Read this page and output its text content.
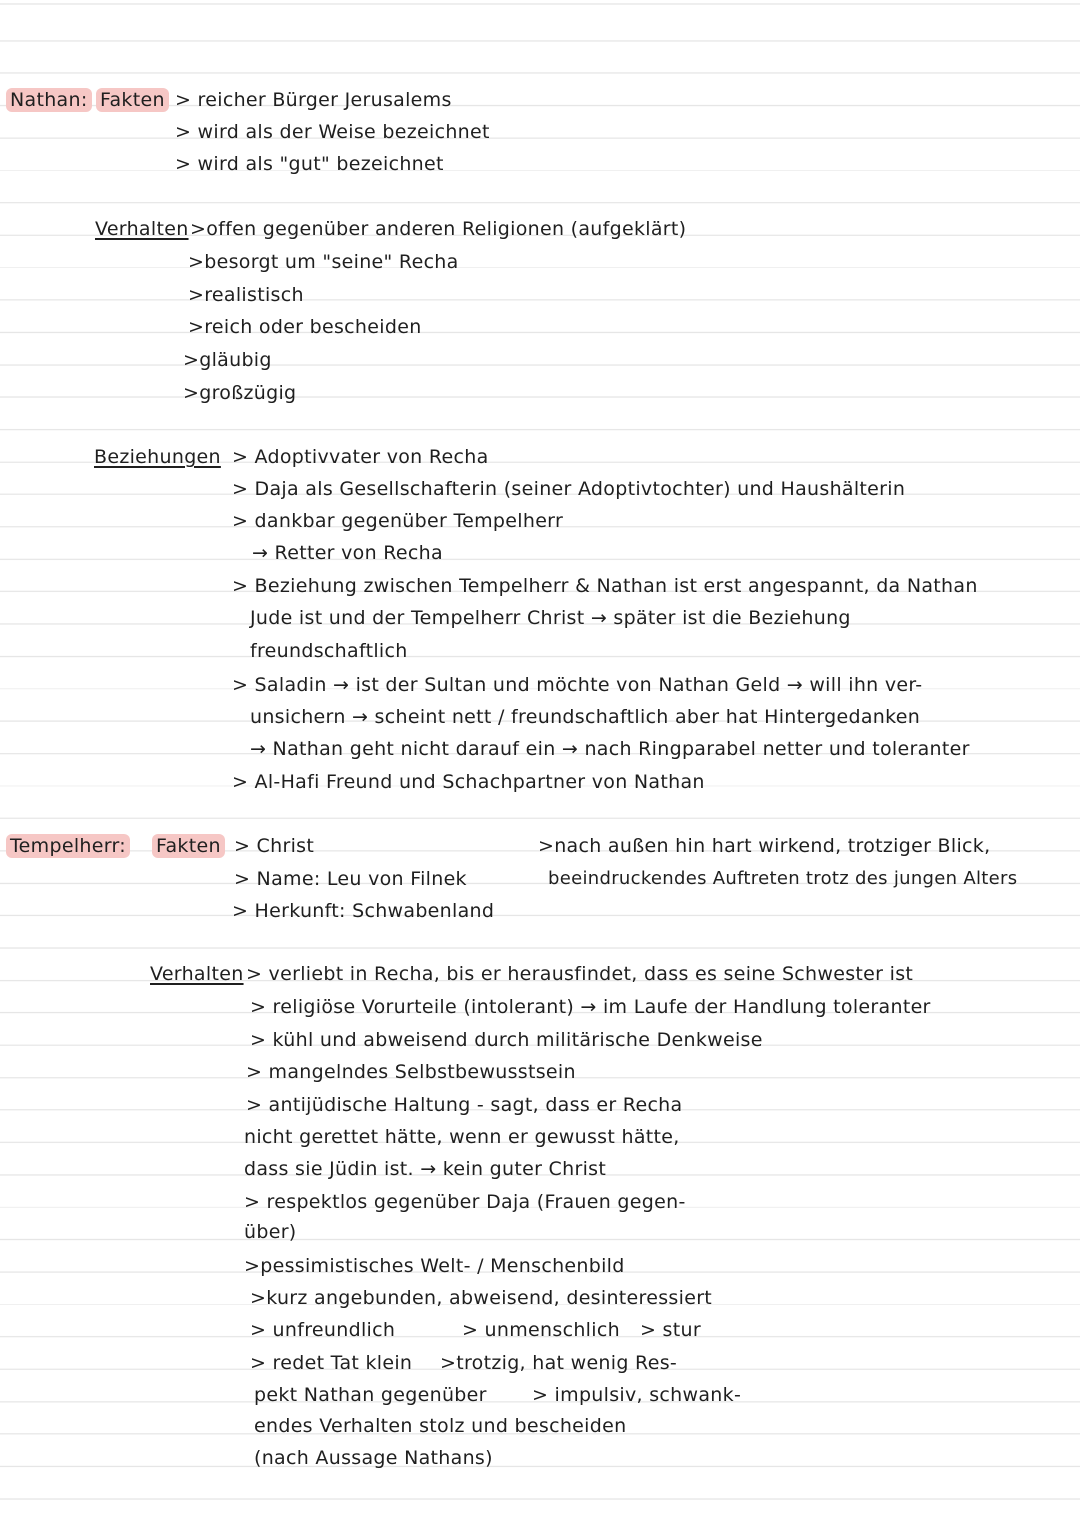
Nathan: Fakten > reicher Bürger Jerusalems
> wird als der Weise bezeichnet
> wird als "gut" bezeichnet
Verhalten >offen gegenüber anderen Religionen (aufgeklärt)
>besorgt um "seine" Recha
>realistisch
>reich oder bescheiden
>gläubig
>großzügig
Beziehungen > Adoptivvater von Recha
> Daja als Gesellschafterin (seiner Adoptivtochter) und Haushälterin
> dankbar gegenüber Tempelherr
→ Retter von Recha
> Beziehung zwischen Tempelherr & Nathan ist erst angespannt, da Nathan
Jude ist und der Tempelherr Christ → später ist die Beziehung
freundschaftlich
> Saladin → ist der Sultan und möchte von Nathan Geld → will ihn ver-
unsichern → scheint nett / freundschaftlich aber hat Hintergedanken
→ Nathan geht nicht darauf ein → nach Ringparabel netter und toleranter
> Al-Hafi Freund und Schachpartner von Nathan
Tempelherr: Fakten > Christ
> Name: Leu von Filnek
> Herkunft: Schwabenland
>nach außen hin hart wirkend, trotziger Blick,
beeindruckendes Auftreten trotz des jungen Alters
Verhalten > verliebt in Recha, bis er herausfindet, dass es seine Schwester ist
> religiöse Vorurteile (intolerant) → im Laufe der Handlung toleranter
> kühl und abweisend durch militärische Denkweise
> mangelndes Selbstbewusstsein
> antijüdische Haltung - sagt, dass er Recha
nicht gerettet hätte, wenn er gewusst hätte,
dass sie Jüdin ist. → kein guter Christ
> respektlos gegenüber Daja (Frauen gegen-
über)
>pessimistisches Welt- / Menschenbild
>kurz angebunden, abweisend, desinteressiert
> unfreundlich	> unmenschlich > stur
> redet Tat klein >trotzig, hat wenig Res-
pekt Nathan gegenüber > impulsiv, schwank-
endes Verhalten stolz und bescheiden
(nach Aussage Nathans)
